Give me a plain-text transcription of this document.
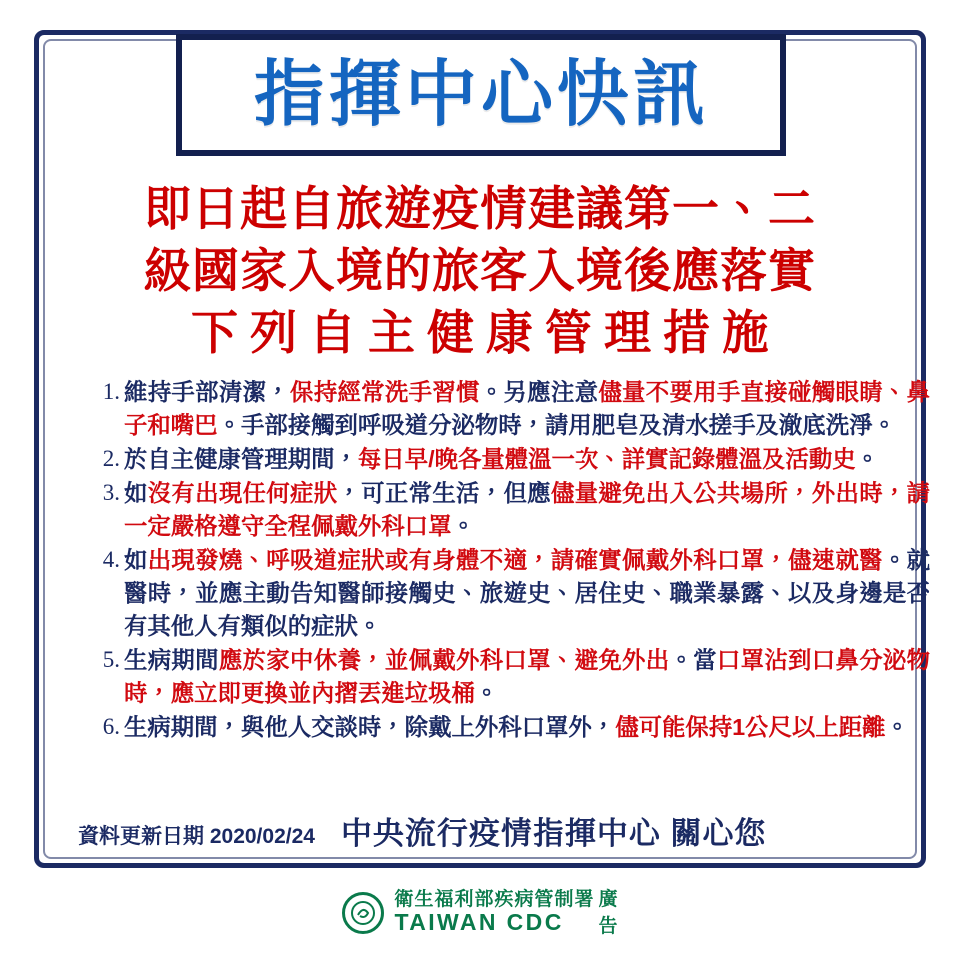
指揮中心快訊
即日起自旅遊疫情建議第一、二
級國家入境的旅客入境後應落實
下列自主健康管理措施
1. 維持手部清潔，保持經常洗手習慣。另應注意儘量不要用手直接碰觸眼睛、鼻子和嘴巴。手部接觸到呼吸道分泌物時，請用肥皂及清水搓手及澈底洗淨。
2. 於自主健康管理期間，每日早/晚各量體溫一次、詳實記錄體溫及活動史。
3. 如沒有出現任何症狀，可正常生活，但應儘量避免出入公共場所，外出時，請一定嚴格遵守全程佩戴外科口罩。
4. 如出現發燒、呼吸道症狀或有身體不適，請確實佩戴外科口罩，儘速就醫。就醫時，並應主動告知醫師接觸史、旅遊史、居住史、職業暴露、以及身邊是否有其他人有類似的症狀。
5. 生病期間應於家中休養，並佩戴外科口罩、避免外出。當口罩沾到口鼻分泌物時，應立即更換並內摺丟進垃圾桶。
6. 生病期間，與他人交談時，除戴上外科口罩外，儘可能保持1公尺以上距離。
資料更新日期 2020/02/24 中央流行疫情指揮中心 關心您
衛生福利部疾病管制署
TAIWAN CDC
廣
告
